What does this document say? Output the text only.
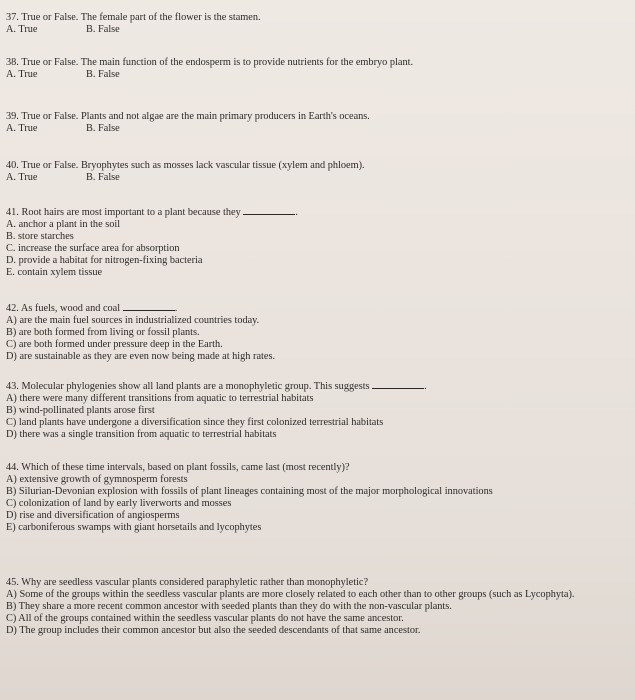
37. True or False. The female part of the flower is the stamen.
A. True	B. False
38. True or False. The main function of the endosperm is to provide nutrients for the embryo plant.
A. True	B. False
39. True or False. Plants and not algae are the main primary producers in Earth's oceans.
A. True	B. False
40. True or False. Bryophytes such as mosses lack vascular tissue (xylem and phloem).
A. True	B. False
41. Root hairs are most important to a plant because they	.
A. anchor a plant in the soil
B. store starches
C. increase the surface area for absorption
D. provide a habitat for nitrogen-fixing bacteria
E. contain xylem tissue
42. As fuels, wood and coal	.
A) are the main fuel sources in industrialized countries today.
B) are both formed from living or fossil plants.
C) are both formed under pressure deep in the Earth.
D) are sustainable as they are even now being made at high rates.
43. Molecular phylogenies show all land plants are a monophyletic group. This suggests	.
A) there were many different transitions from aquatic to terrestrial habitats
B) wind-pollinated plants arose first
C) land plants have undergone a diversification since they first colonized terrestrial habitats
D) there was a single transition from aquatic to terrestrial habitats
44. Which of these time intervals, based on plant fossils, came last (most recently)?
A) extensive growth of gymnosperm forests
B) Silurian-Devonian explosion with fossils of plant lineages containing most of the major morphological innovations
C) colonization of land by early liverworts and mosses
D) rise and diversification of angiosperms
E) carboniferous swamps with giant horsetails and lycophytes
45. Why are seedless vascular plants considered paraphyletic rather than monophyletic?
A) Some of the groups within the seedless vascular plants are more closely related to each other than to other groups (such as Lycophyta).
B) They share a more recent common ancestor with seeded plants than they do with the non-vascular plants.
C) All of the groups contained within the seedless vascular plants do not have the same ancestor.
D) The group includes their common ancestor but also the seeded descendants of that same ancestor.
